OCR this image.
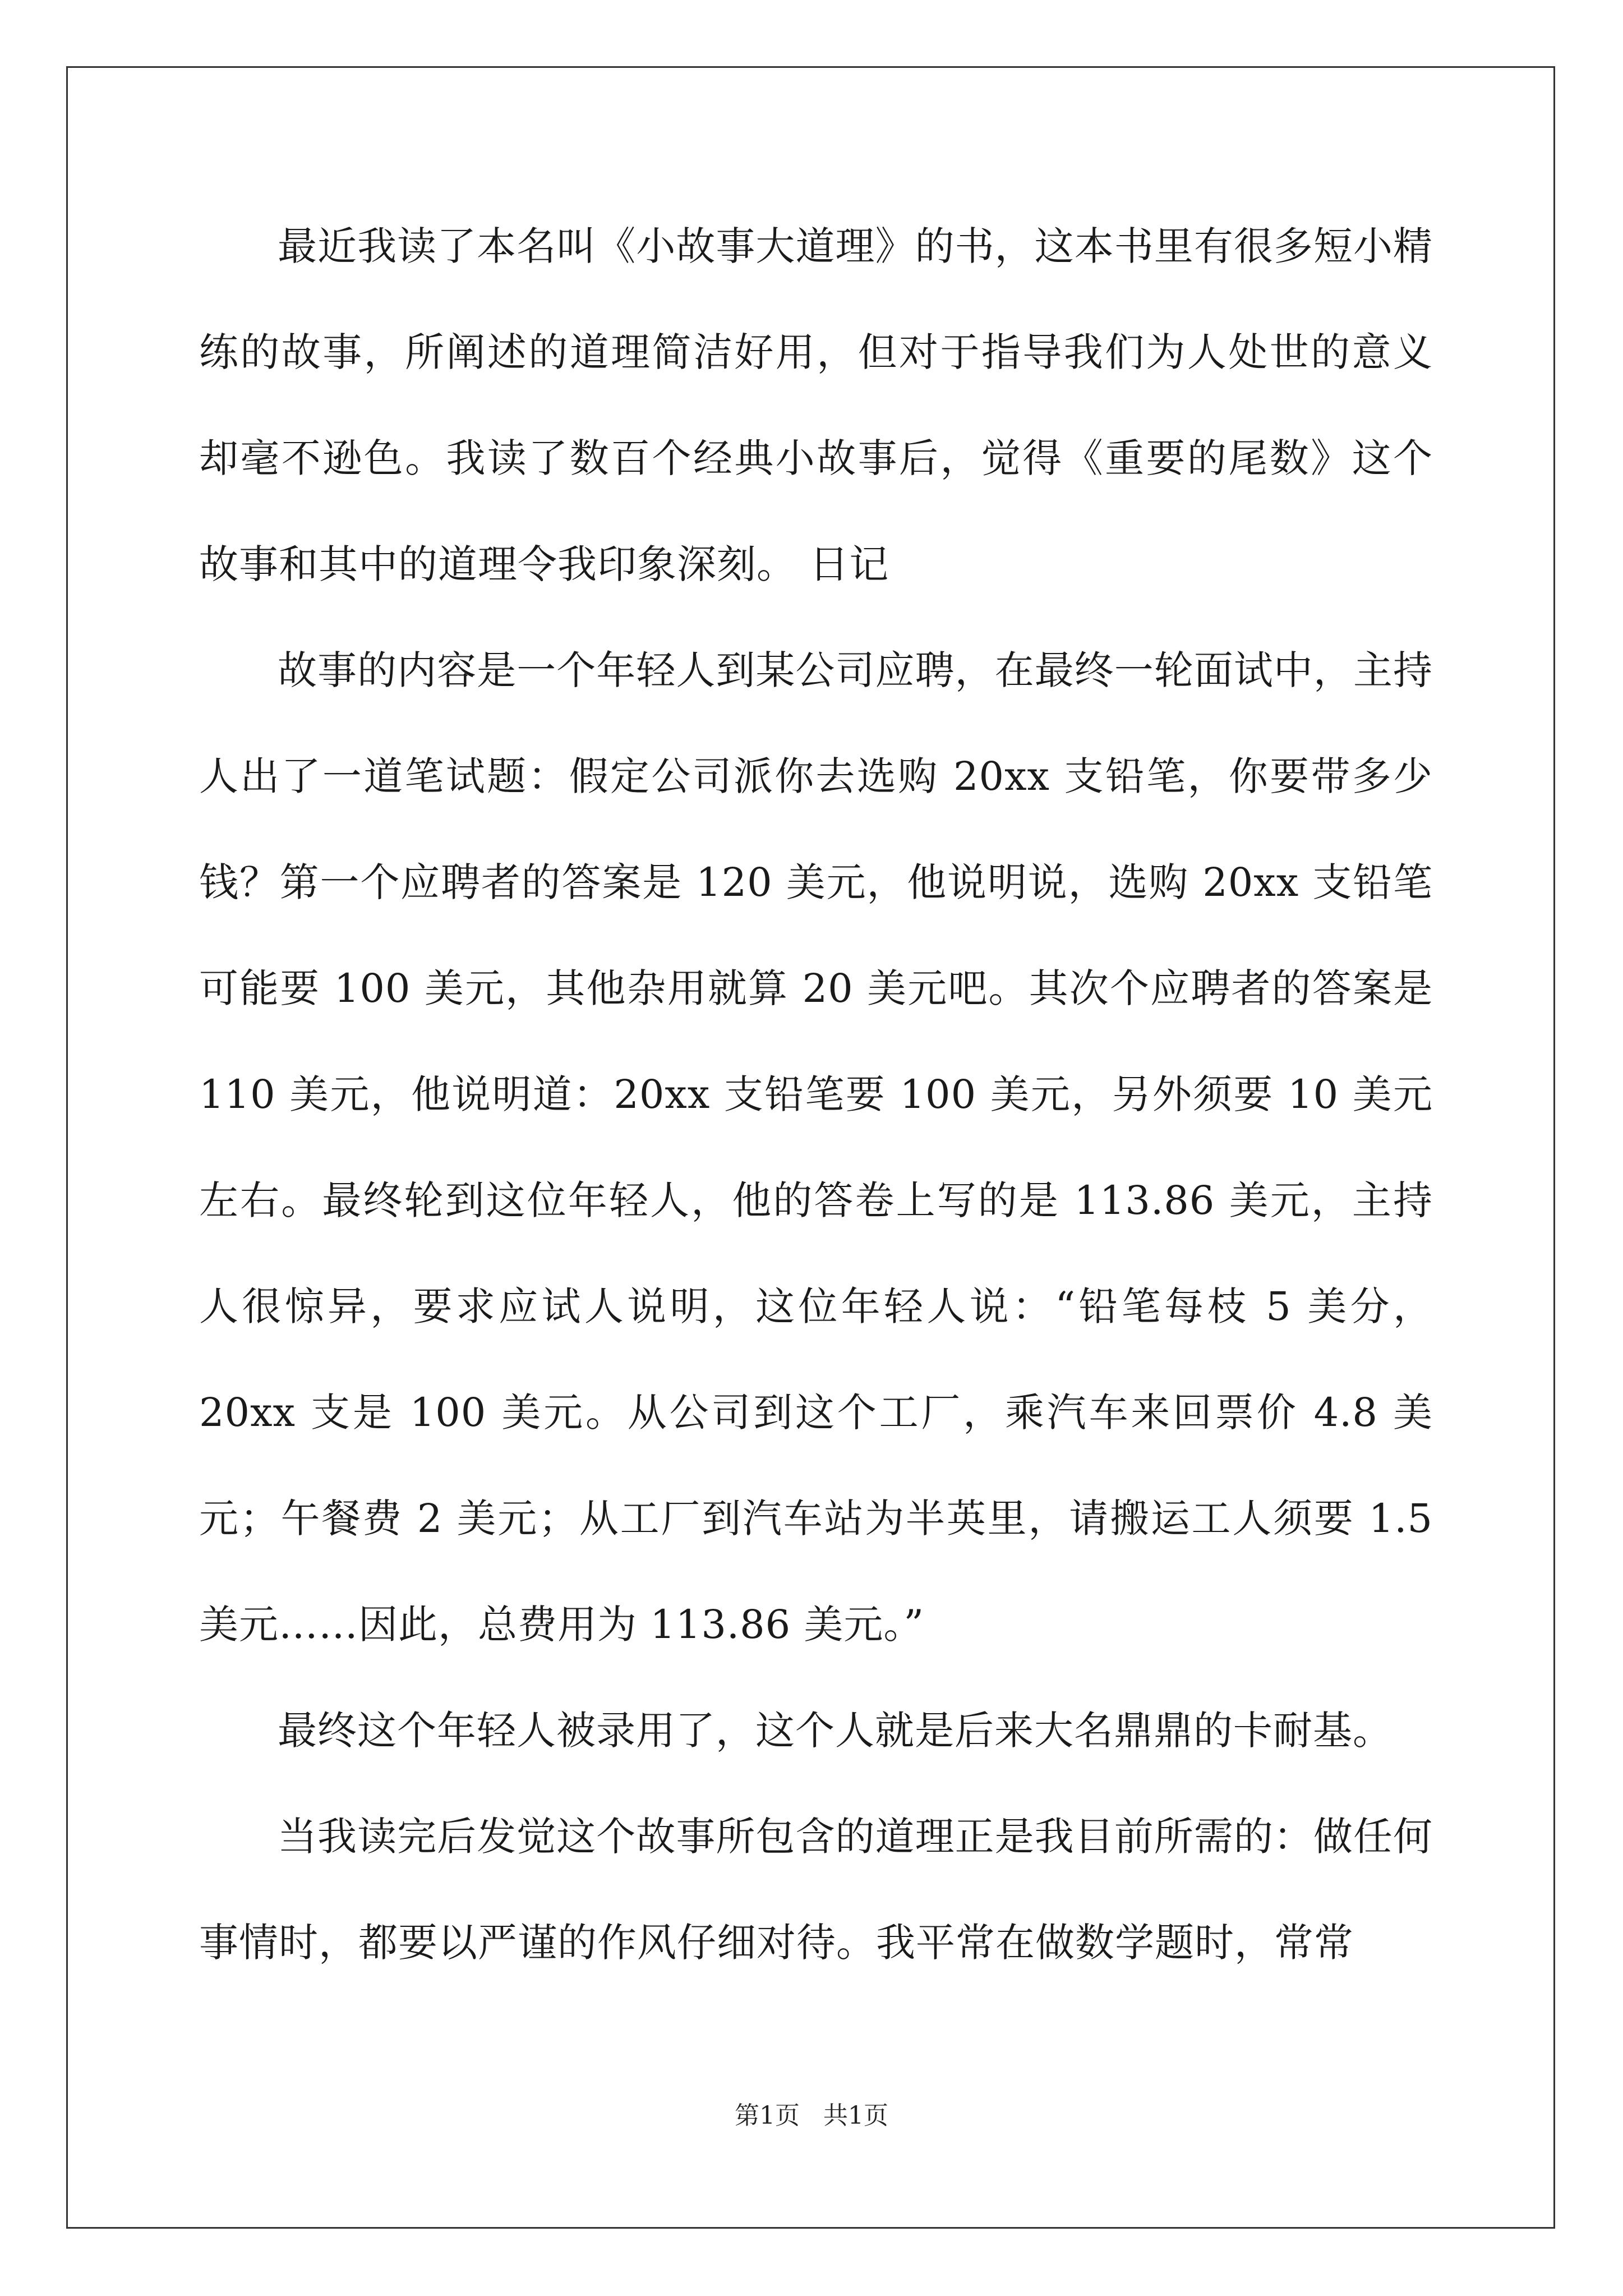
最近我读了本名叫《小故事大道理》的书，这本书里有很多短小精练的故事，所阐述的道理简洁好用，但对于指导我们为人处世的意义却毫不逊色。我读了数百个经典小故事后，觉得《重要的尾数》这个故事和其中的道理令我印象深刻。 日记

故事的内容是一个年轻人到某公司应聘，在最终一轮面试中，主持人出了一道笔试题：假定公司派你去选购 20xx 支铅笔，你要带多少钱？第一个应聘者的答案是 120 美元，他说明说，选购 20xx 支铅笔可能要 100 美元，其他杂用就算 20 美元吧。其次个应聘者的答案是 110 美元，他说明道：20xx 支铅笔要 100 美元，另外须要 10 美元左右。最终轮到这位年轻人，他的答卷上写的是 113.86 美元，主持人很惊异，要求应试人说明，这位年轻人说：“铅笔每枝 5 美分，20xx 支是 100 美元。从公司到这个工厂，乘汽车来回票价 4.8 美元；午餐费 2 美元；从工厂到汽车站为半英里，请搬运工人须要 1.5 美元……因此，总费用为 113.86 美元。”

最终这个年轻人被录用了，这个人就是后来大名鼎鼎的卡耐基。

当我读完后发觉这个故事所包含的道理正是我目前所需的：做任何事情时，都要以严谨的作风仔细对待。我平常在做数学题时，常常

第1页   共1页
